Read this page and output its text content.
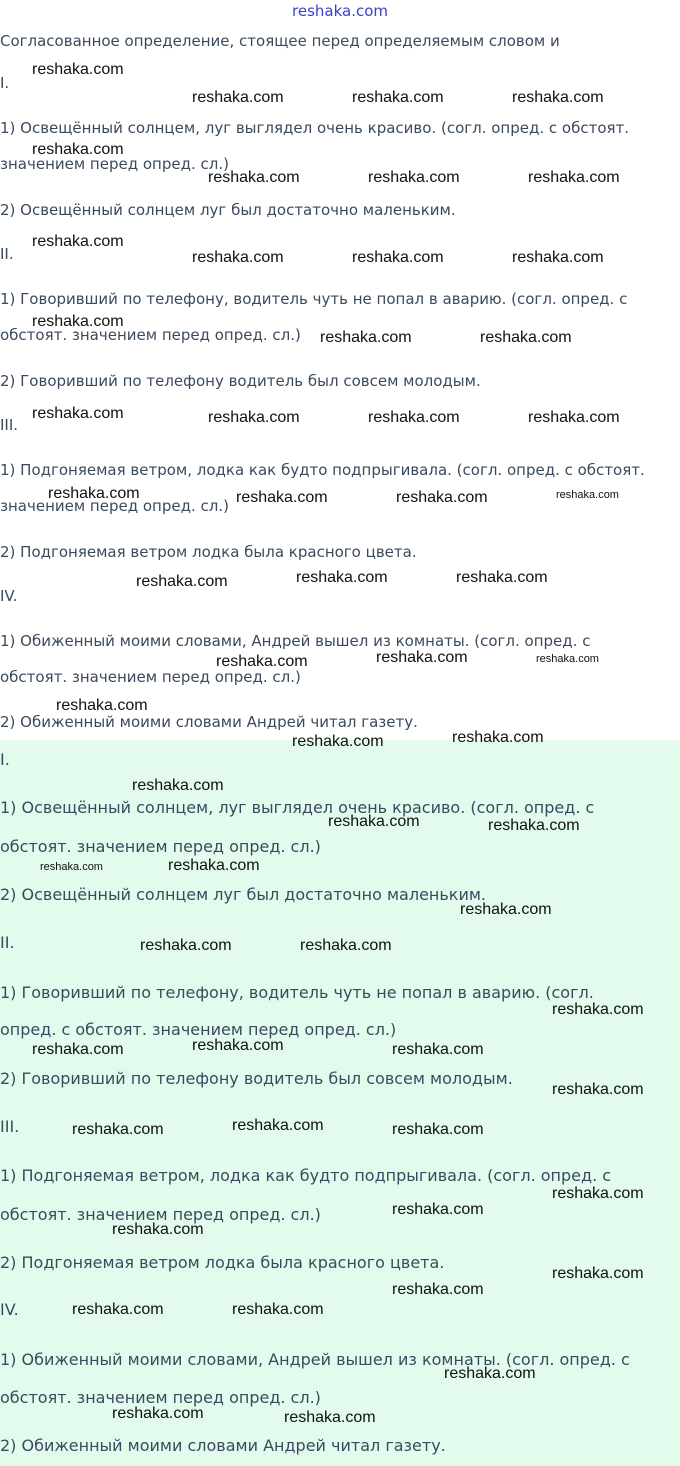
reshaka.com
Согласованное определение, стоящее перед определяемым словом и
I.
1) Освещённый солнцем, луг выглядел очень красиво. (согл. опред. с обстоят.
значением перед опред. сл.)
2) Освещённый солнцем луг был достаточно маленьким.
II.
1) Говоривший по телефону, водитель чуть не попал в аварию. (согл. опред. с
обстоят. значением перед опред. сл.)
2) Говоривший по телефону водитель был совсем молодым.
III.
1) Подгоняемая ветром, лодка как будто подпрыгивала. (согл. опред. с обстоят.
значением перед опред. сл.)
2) Подгоняемая ветром лодка была красного цвета.
IV.
1) Обиженный моими словами, Андрей вышел из комнаты. (согл. опред. с
обстоят. значением перед опред. сл.)
2) Обиженный моими словами Андрей читал газету.
I.
1) Освещённый солнцем, луг выглядел очень красиво. (согл. опред. с
обстоят. значением перед опред. сл.)
2) Освещённый солнцем луг был достаточно маленьким.
II.
1) Говоривший по телефону, водитель чуть не попал в аварию. (согл.
опред. с обстоят. значением перед опред. сл.)
2) Говоривший по телефону водитель был совсем молодым.
III.
1) Подгоняемая ветром, лодка как будто подпрыгивала. (согл. опред. с
обстоят. значением перед опред. сл.)
2) Подгоняемая ветром лодка была красного цвета.
IV.
1) Обиженный моими словами, Андрей вышел из комнаты. (согл. опред. с
обстоят. значением перед опред. сл.)
2) Обиженный моими словами Андрей читал газету.
reshaka.com
reshaka.com	reshaka.com	reshaka.com
reshaka.com
reshaka.com	reshaka.com	reshaka.com
reshaka.com
reshaka.com	reshaka.com	reshaka.com
reshaka.com
reshaka.com	reshaka.com
reshaka.com	reshaka.com	reshaka.com	reshaka.com
reshaka.com	reshaka.com	reshaka.com	reshaka.com
reshaka.com	reshaka.com	reshaka.com
reshaka.com	reshaka.com	reshaka.com
reshaka.com
reshaka.com	reshaka.com
reshaka.com
reshaka.com	reshaka.com
reshaka.com	reshaka.com
reshaka.com
reshaka.com	reshaka.com
reshaka.com
reshaka.com	reshaka.com	reshaka.com
reshaka.com
reshaka.com	reshaka.com	reshaka.com
reshaka.com
reshaka.com
reshaka.com
reshaka.com
reshaka.com
reshaka.com	reshaka.com
reshaka.com
reshaka.com	reshaka.com
